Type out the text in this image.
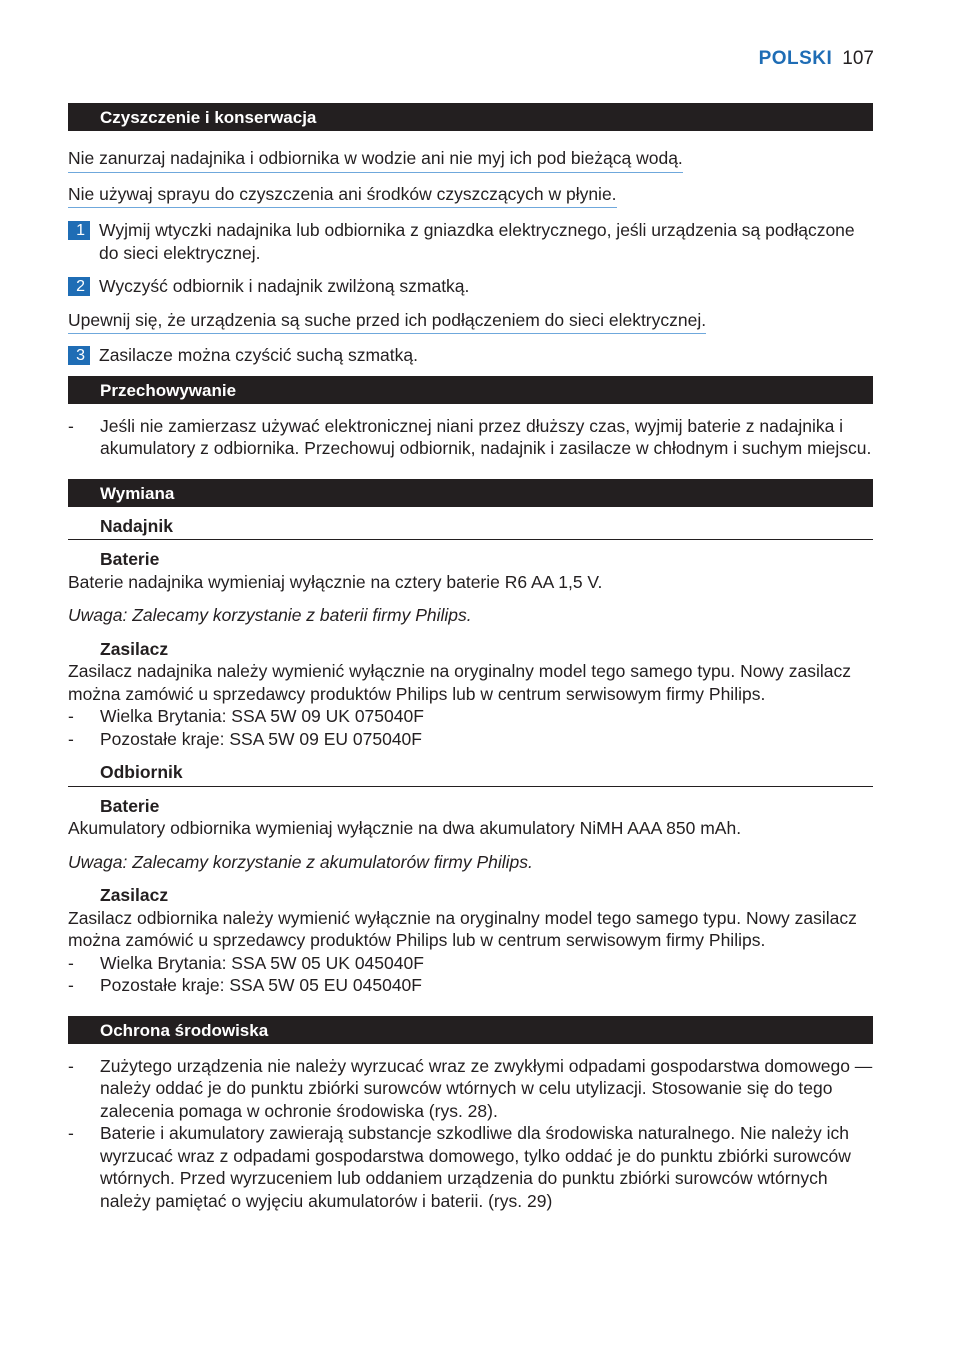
POLSKI 107
Czyszczenie i konserwacja
Nie zanurzaj nadajnika i odbiornika w wodzie ani nie myj ich pod bieżącą wodą.
Nie używaj sprayu do czyszczenia ani środków czyszczących w płynie.
1 Wyjmij wtyczki nadajnika lub odbiornika z gniazdka elektrycznego, jeśli urządzenia są podłączone do sieci elektrycznej.
2 Wyczyść odbiornik i nadajnik zwilżoną szmatką.
Upewnij się, że urządzenia są suche przed ich podłączeniem do sieci elektrycznej.
3 Zasilacze można czyścić suchą szmatką.
Przechowywanie
-	Jeśli nie zamierzasz używać elektronicznej niani przez dłuższy czas, wyjmij baterie z nadajnika i akumulatory z odbiornika. Przechowuj odbiornik, nadajnik i zasilacze w chłodnym i suchym miejscu.
Wymiana
Nadajnik
Baterie
Baterie nadajnika wymieniaj wyłącznie na cztery baterie R6 AA 1,5 V.
Uwaga: Zalecamy korzystanie z baterii firmy Philips.
Zasilacz
Zasilacz nadajnika należy wymienić wyłącznie na oryginalny model tego samego typu. Nowy zasilacz można zamówić u sprzedawcy produktów Philips lub w centrum serwisowym firmy Philips.
-	Wielka Brytania: SSA 5W 09 UK 075040F
-	Pozostałe kraje: SSA 5W 09 EU 075040F
Odbiornik
Baterie
Akumulatory odbiornika wymieniaj wyłącznie na dwa akumulatory NiMH AAA 850 mAh.
Uwaga: Zalecamy korzystanie z akumulatorów firmy Philips.
Zasilacz
Zasilacz odbiornika należy wymienić wyłącznie na oryginalny model tego samego typu. Nowy zasilacz można zamówić u sprzedawcy produktów Philips lub w centrum serwisowym firmy Philips.
-	Wielka Brytania: SSA 5W 05 UK 045040F
-	Pozostałe kraje: SSA 5W 05 EU 045040F
Ochrona środowiska
-	Zużytego urządzenia nie należy wyrzucać wraz ze zwykłymi odpadami gospodarstwa domowego — należy oddać je do punktu zbiórki surowców wtórnych w celu utylizacji. Stosowanie się do tego zalecenia pomaga w ochronie środowiska (rys. 28).
-	Baterie i akumulatory zawierają substancje szkodliwe dla środowiska naturalnego. Nie należy ich wyrzucać wraz z odpadami gospodarstwa domowego, tylko oddać je do punktu zbiórki surowców wtórnych. Przed wyrzuceniem lub oddaniem urządzenia do punktu zbiórki surowców wtórnych należy pamiętać o wyjęciu akumulatorów i baterii. (rys. 29)
